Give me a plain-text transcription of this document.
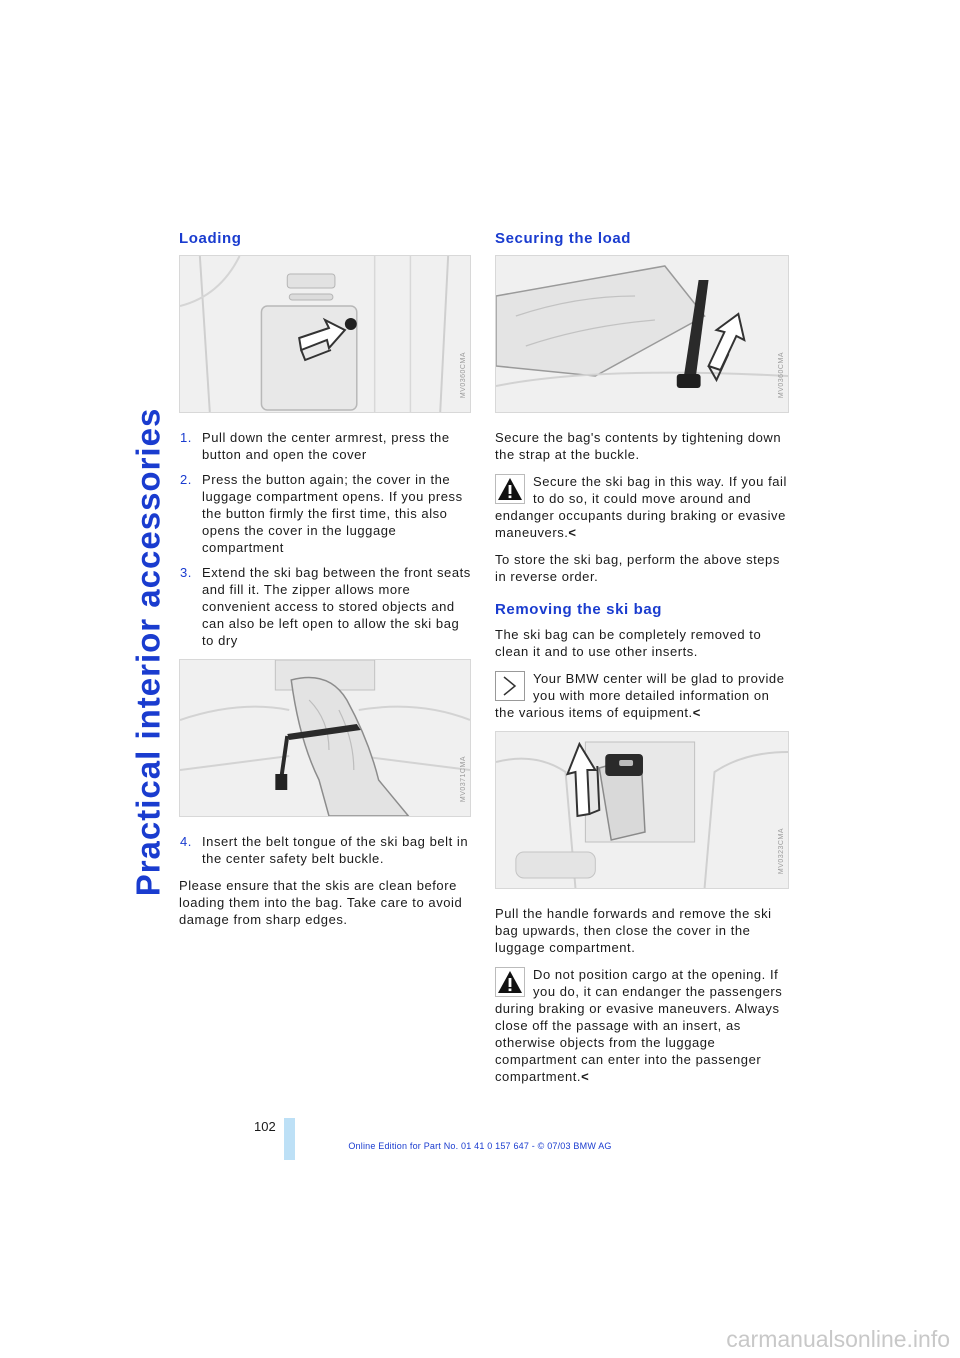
Practical interior accessories
Loading
MV0360CMA
1. Pull down the center armrest, press the button and open the cover
2. Press the button again; the cover in the luggage compartment opens. If you press the button firmly the first time, this also opens the cover in the luggage compartment
3. Extend the ski bag between the front seats and fill it. The zipper allows more convenient access to stored objects and can also be left open to allow the ski bag to dry
MV0371CMA
4. Insert the belt tongue of the ski bag belt in the center safety belt buckle.

Please ensure that the skis are clean before loading them into the bag. Take care to avoid damage from sharp edges.

Securing the load
MV0360CMA

Secure the bag's contents by tightening down the strap at the buckle.

Secure the ski bag in this way. If you fail to do so, it could move around and endanger occupants during braking or evasive maneuvers.<

To store the ski bag, perform the above steps in reverse order.

Removing the ski bag

The ski bag can be completely removed to clean it and to use other inserts.

Your BMW center will be glad to provide you with more detailed information on the various items of equipment.<

MV0323CMA

Pull the handle forwards and remove the ski bag upwards, then close the cover in the luggage compartment.

Do not position cargo at the opening. If you do, it can endanger the passengers during braking or evasive maneuvers. Always close off the passage with an insert, as otherwise objects from the luggage compartment can enter into the passenger compartment.<

102
Online Edition for Part No. 01 41 0 157 647 - © 07/03 BMW AG
carmanualsonline.info
